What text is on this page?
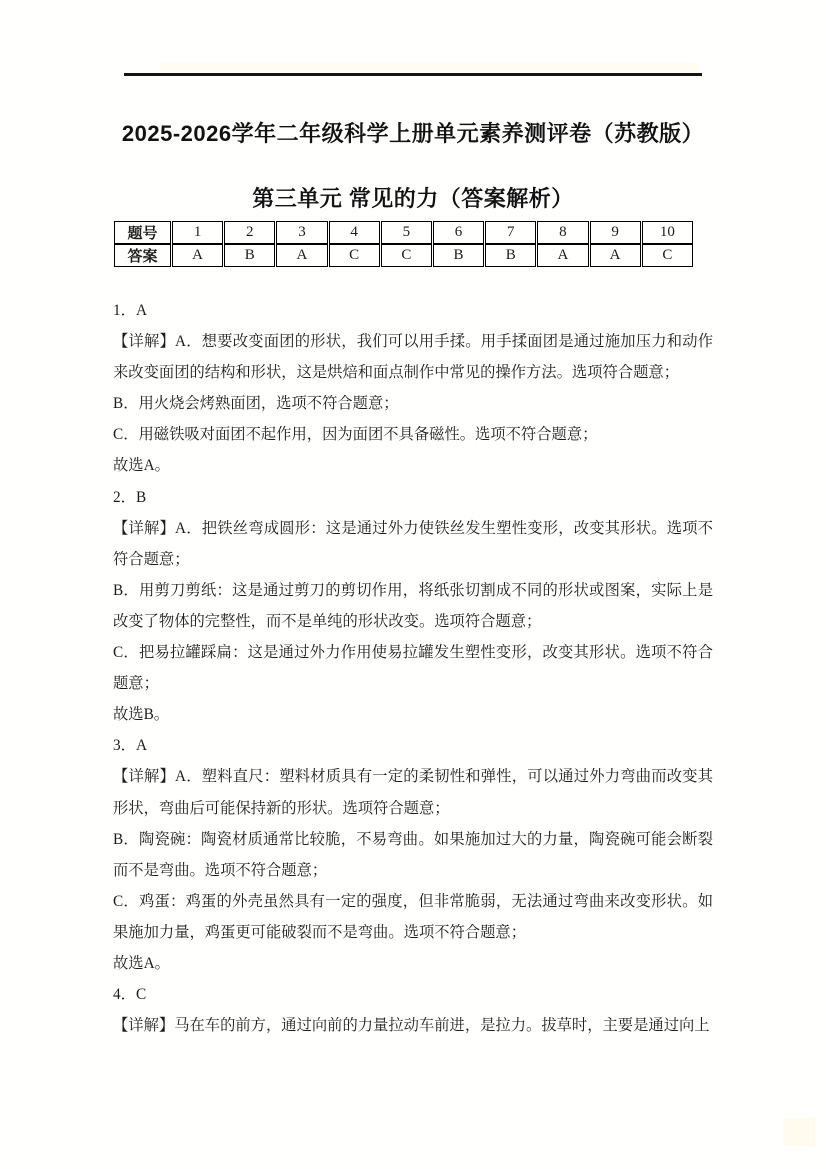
2025-2026学年二年级科学上册单元素养测评卷（苏教版）
第三单元 常见的力（答案解析）
题号	1	2	3	4	5	6	7	8	9	10
答案	A	B	A	C	C	B	B	A	A	C

1．A

【详解】A．想要改变面团的形状，我们可以用手揉。用手揉面团是通过施加压力和动作来改变面团的结构和形状，这是烘焙和面点制作中常见的操作方法。选项符合题意；

B．用火烧会烤熟面团，选项不符合题意；

C．用磁铁吸对面团不起作用，因为面团不具备磁性。选项不符合题意；

故选A。

2．B

【详解】A．把铁丝弯成圆形：这是通过外力使铁丝发生塑性变形，改变其形状。选项不符合题意；

B．用剪刀剪纸：这是通过剪刀的剪切作用，将纸张切割成不同的形状或图案，实际上是改变了物体的完整性，而不是单纯的形状改变。选项符合题意；

C．把易拉罐踩扁：这是通过外力作用使易拉罐发生塑性变形，改变其形状。选项不符合题意；

故选B。

3．A

【详解】A．塑料直尺：塑料材质具有一定的柔韧性和弹性，可以通过外力弯曲而改变其形状，弯曲后可能保持新的形状。选项符合题意；

B．陶瓷碗：陶瓷材质通常比较脆，不易弯曲。如果施加过大的力量，陶瓷碗可能会断裂而不是弯曲。选项不符合题意；

C．鸡蛋：鸡蛋的外壳虽然具有一定的强度，但非常脆弱，无法通过弯曲来改变形状。如果施加力量，鸡蛋更可能破裂而不是弯曲。选项不符合题意；

故选A。

4．C

【详解】马在车的前方，通过向前的力量拉动车前进，是拉力。拔草时，主要是通过向上
